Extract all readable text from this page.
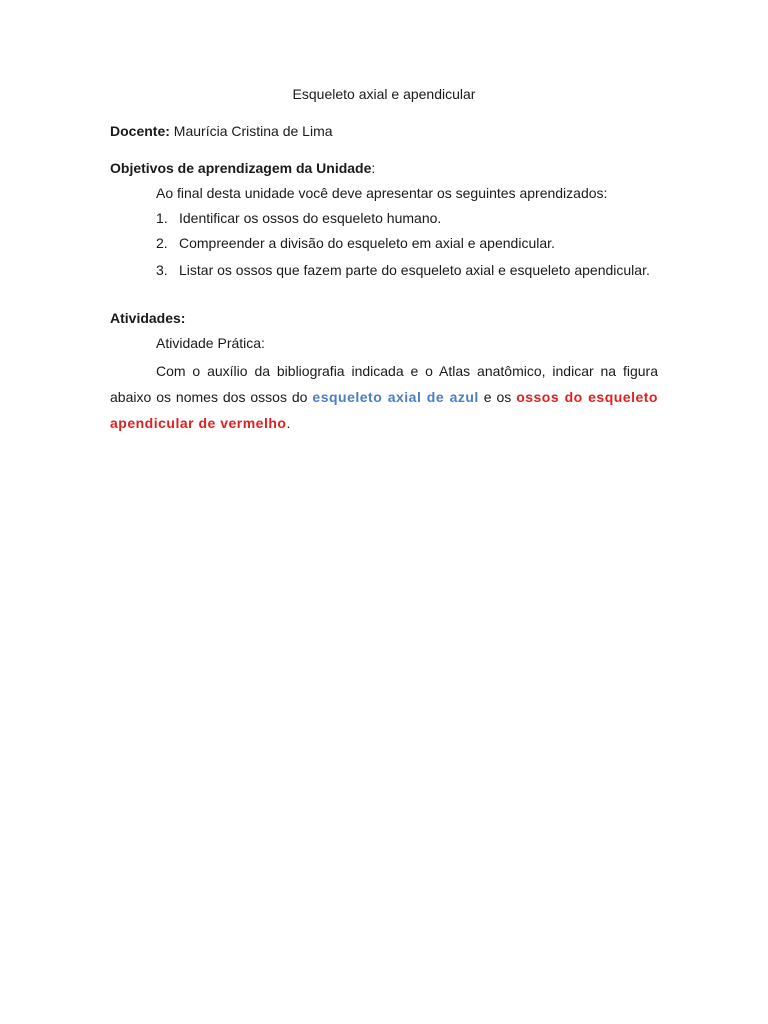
Esqueleto axial e apendicular

Docente: Maurícia Cristina de Lima

Objetivos de aprendizagem da Unidade:

Ao final desta unidade você deve apresentar os seguintes aprendizados:

1. Identificar os ossos do esqueleto humano.
2. Compreender a divisão do esqueleto em axial e apendicular.
3. Listar os ossos que fazem parte do esqueleto axial e esqueleto apendicular.

Atividades:

Atividade Prática:

Com o auxílio da bibliografia indicada e o Atlas anatômico, indicar na figura abaixo os nomes dos ossos do esqueleto axial de azul e os ossos do esqueleto apendicular de vermelho.
